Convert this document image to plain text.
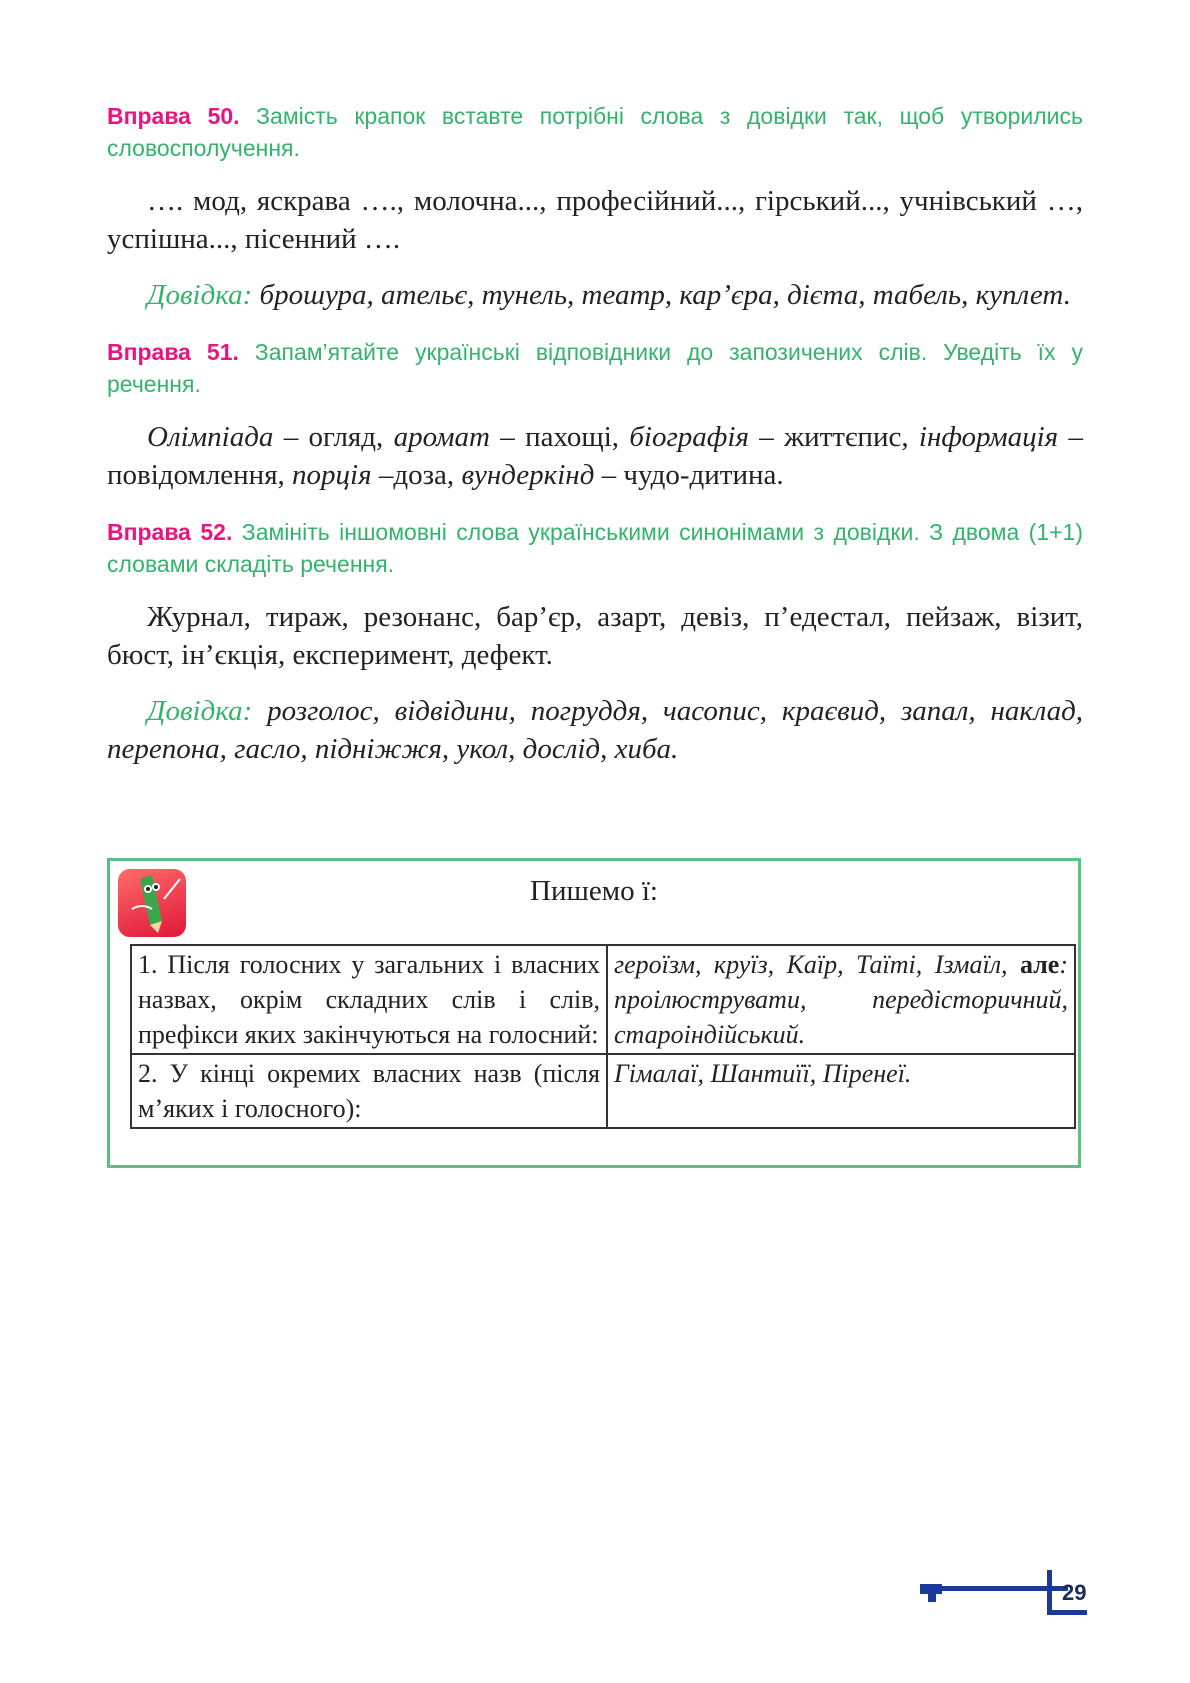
Вправа 50. Замість крапок вставте потрібні слова з довідки так, щоб утворились словосполучення.

…. мод, яскрава …., молочна..., професійний..., гірський..., учнівський …, успішна..., пісенний ….

Довідка: брошура, ательє, тунель, театр, кар’єра, дієта, табель, куплет.

Вправа 51. Запам’ятайте українські відповідники до запозичених слів. Уведіть їх у речення.

Олімпіада – огляд, аромат – пахощі, біографія – життєпис, інформація –повідомлення, порція –доза, вундеркінд – чудо-дитина.

Вправа 52. Замініть іншомовні слова українськими синонімами з довідки. З двома (1+1) словами складіть речення.

Журнал, тираж, резонанс, бар’єр, азарт, девіз, п’едестал, пейзаж, візит, бюст, ін’єкція, експеримент, дефект.

Довідка: розголос, відвідини, погруддя, часопис, краєвид, запал, наклад, перепона, гасло, підніжжя, укол, дослід, хиба.

Пишемо ї:
1. Після голосних у загальних і власних назвах, окрім складних слів і слів, префікси яких закінчуються на голосний:	героїзм, круїз, Каїр, Таїті, Ізмаїл, але: проілюструвати, передісторичний, староіндійський.
2. У кінці окремих власних назв (після м’яких і голосного):	Гімалаї, Шантиїї, Піренеї.
29
